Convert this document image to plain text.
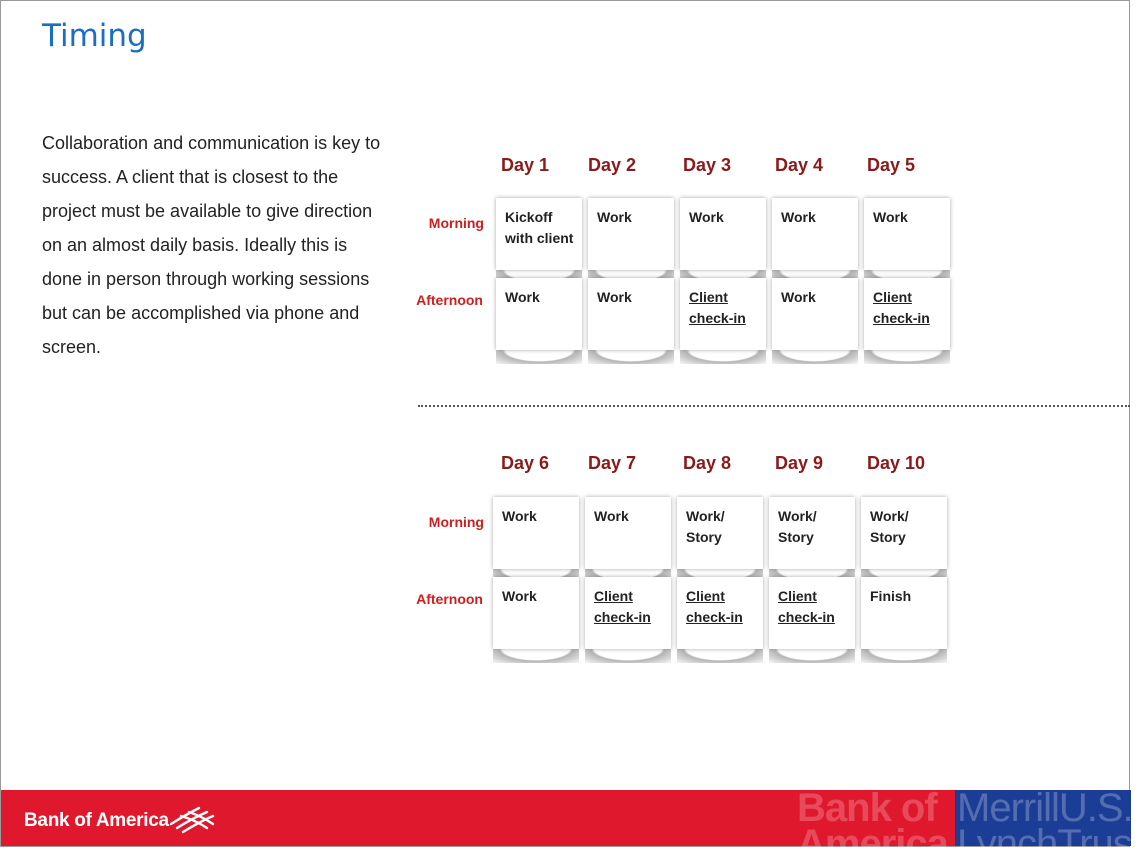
Timing
Collaboration and communication is key to success. A client that is closest to the project must be available to give direction on an almost daily basis. Ideally this is done in person through working sessions but can be accomplished via phone and screen.
Morning
Afternoon
Day 1
Kickoff
with client
Work
Day 2
Work
Work
Day 3
Work
Client
check-in
Day 4
Work
Work
Day 5
Work
Client
check-in
Morning
Afternoon
Day 6
Work
Work
Day 7
Work
Client
check-in
Day 8
Work/
Story
Client
check-in
Day 9
Work/
Story
Client
check-in
Day 10
Work/
Story
Finish
Bank of
America
MerrillU.S.
LynchTrust
Bank of America
